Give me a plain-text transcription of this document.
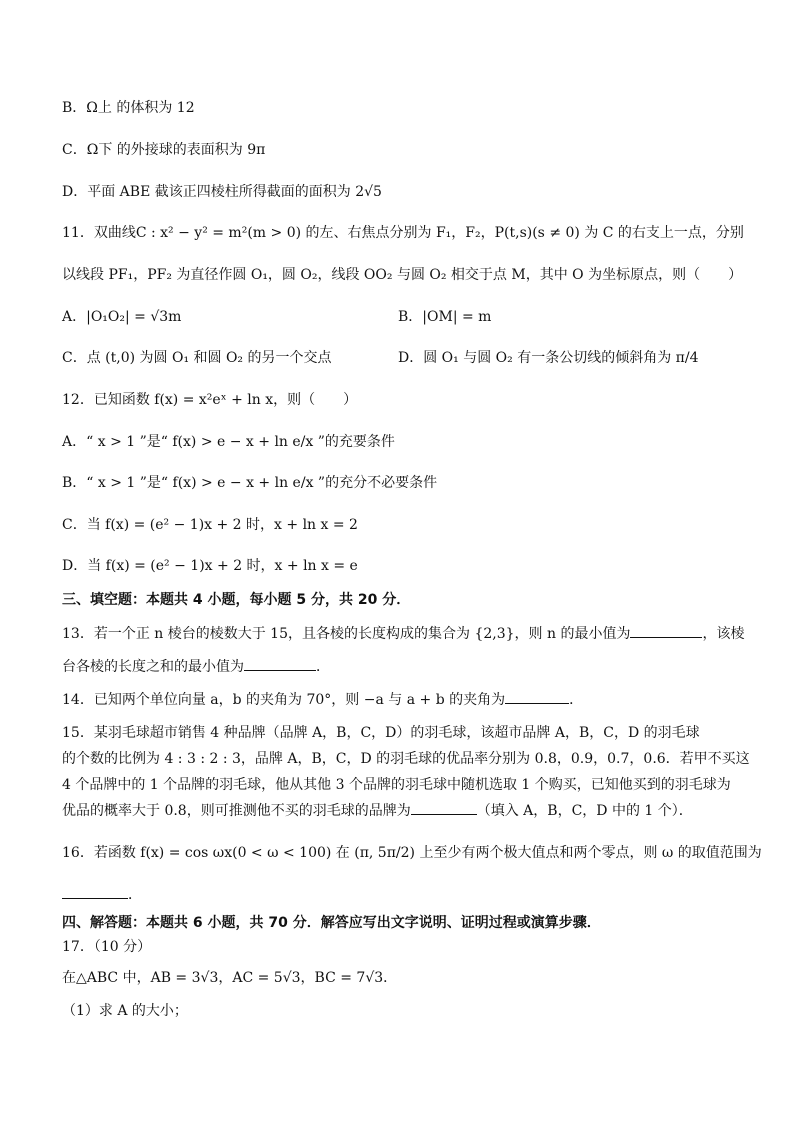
B．Ω上 的体积为 12
C．Ω下 的外接球的表面积为 9π
D．平面 ABE 截该正四棱柱所得截面的面积为 2√5
11．双曲线C : x² − y² = m²(m > 0) 的左、右焦点分别为 F₁，F₂，P(t,s)(s ≠ 0) 为 C 的右支上一点，分别
以线段 PF₁，PF₂ 为直径作圆 O₁，圆 O₂，线段 OO₂ 与圆 O₂ 相交于点 M，其中 O 为坐标原点，则（　　）
A．|O₁O₂| = √3m	B．|OM| = m
C．点 (t,0) 为圆 O₁ 和圆 O₂ 的另一个交点	D．圆 O₁ 与圆 O₂ 有一条公切线的倾斜角为 π/4
12．已知函数 f(x) = x²eˣ + ln x，则（　　）
A．“ x > 1 ”是“ f(x) > e − x + ln e/x ”的充要条件
B．“ x > 1 ”是“ f(x) > e − x + ln e/x ”的充分不必要条件
C．当 f(x) = (e² − 1)x + 2 时，x + ln x = 2
D．当 f(x) = (e² − 1)x + 2 时，x + ln x = e
三、填空题：本题共 4 小题，每小题 5 分，共 20 分．
13．若一个正 n 棱台的棱数大于 15，且各棱的长度构成的集合为 {2,3}，则 n 的最小值为	，该棱
台各棱的长度之和的最小值为	．
14．已知两个单位向量 a，b 的夹角为 70°，则 −a 与 a + b 的夹角为	．
15．某羽毛球超市销售 4 种品牌（品牌 A，B，C，D）的羽毛球，该超市品牌 A，B，C，D 的羽毛球
的个数的比例为 4 : 3 : 2 : 3，品牌 A，B，C，D 的羽毛球的优品率分别为 0.8，0.9，0.7，0.6．若甲不买这
4 个品牌中的 1 个品牌的羽毛球，他从其他 3 个品牌的羽毛球中随机选取 1 个购买，已知他买到的羽毛球为
优品的概率大于 0.8，则可推测他不买的羽毛球的品牌为	（填入 A，B，C，D 中的 1 个）．
16．若函数 f(x) = cos ωx(0 < ω < 100) 在 (π, 5π/2) 上至少有两个极大值点和两个零点，则 ω 的取值范围为
．
四、解答题：本题共 6 小题，共 70 分．解答应写出文字说明、证明过程或演算步骤．
17．（10 分）
在△ABC 中，AB = 3√3，AC = 5√3，BC = 7√3．
（1）求 A 的大小；
